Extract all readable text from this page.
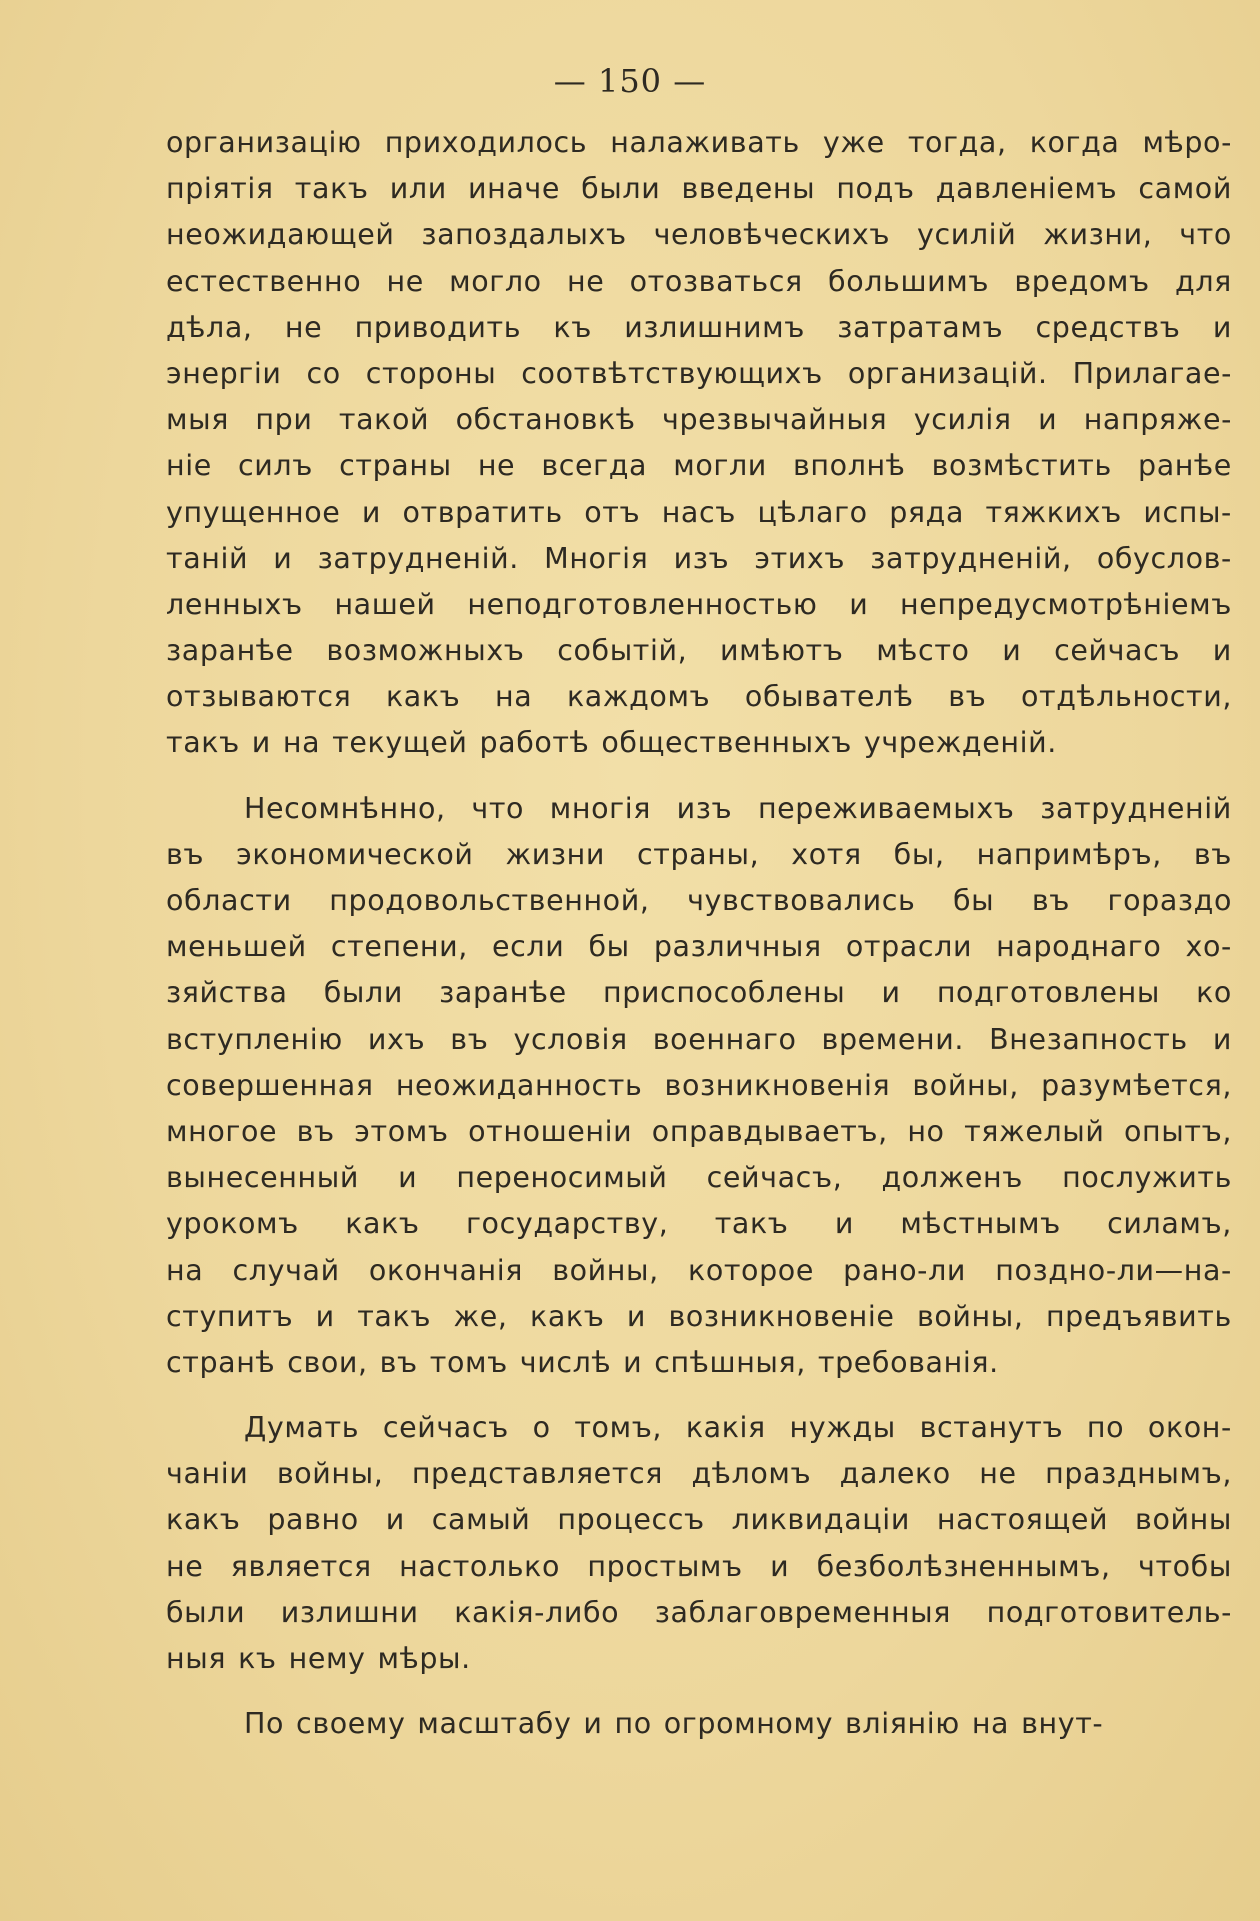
— 150 —
организацію приходилось налаживать уже тогда, когда мѣро-
пріятія такъ или иначе были введены подъ давленіемъ самой
неожидающей запоздалыхъ человѣческихъ усилій жизни, что
естественно не могло не отозваться большимъ вредомъ для
дѣла, не приводить къ излишнимъ затратамъ средствъ и
энергіи со стороны соотвѣтствующихъ организацій. Прилагае-
мыя при такой обстановкѣ чрезвычайныя усилія и напряже-
ніе силъ страны не всегда могли вполнѣ возмѣстить ранѣе
упущенное и отвратить отъ насъ цѣлаго ряда тяжкихъ испы-
таній и затрудненій. Многія изъ этихъ затрудненій, обуслов-
ленныхъ нашей неподготовленностью и непредусмотрѣніемъ
заранѣе возможныхъ событій, имѣютъ мѣсто и сейчасъ и
отзываются какъ на каждомъ обывателѣ въ отдѣльности,
такъ и на текущей работѣ общественныхъ учрежденій.
Несомнѣнно, что многія изъ переживаемыхъ затрудненій
въ экономической жизни страны, хотя бы, напримѣръ, въ
области продовольственной, чувствовались бы въ гораздо
меньшей степени, если бы различныя отрасли народнаго хо-
зяйства были заранѣе приспособлены и подготовлены ко
вступленію ихъ въ условія военнаго времени. Внезапность и
совершенная неожиданность возникновенія войны, разумѣется,
многое въ этомъ отношеніи оправдываетъ, но тяжелый опытъ,
вынесенный и переносимый сейчасъ, долженъ послужить
урокомъ какъ государству, такъ и мѣстнымъ силамъ,
на случай окончанія войны, которое рано-ли поздно-ли—на-
ступитъ и такъ же, какъ и возникновеніе войны, предъявить
странѣ свои, въ томъ числѣ и спѣшныя, требованія.
Думать сейчасъ о томъ, какія нужды встанутъ по окон-
чаніи войны, представляется дѣломъ далеко не празднымъ,
какъ равно и самый процессъ ликвидаціи настоящей войны
не является настолько простымъ и безболѣзненнымъ, чтобы
были излишни какія-либо заблаговременныя подготовитель-
ныя къ нему мѣры.
По своему масштабу и по огромному вліянію на внут-
